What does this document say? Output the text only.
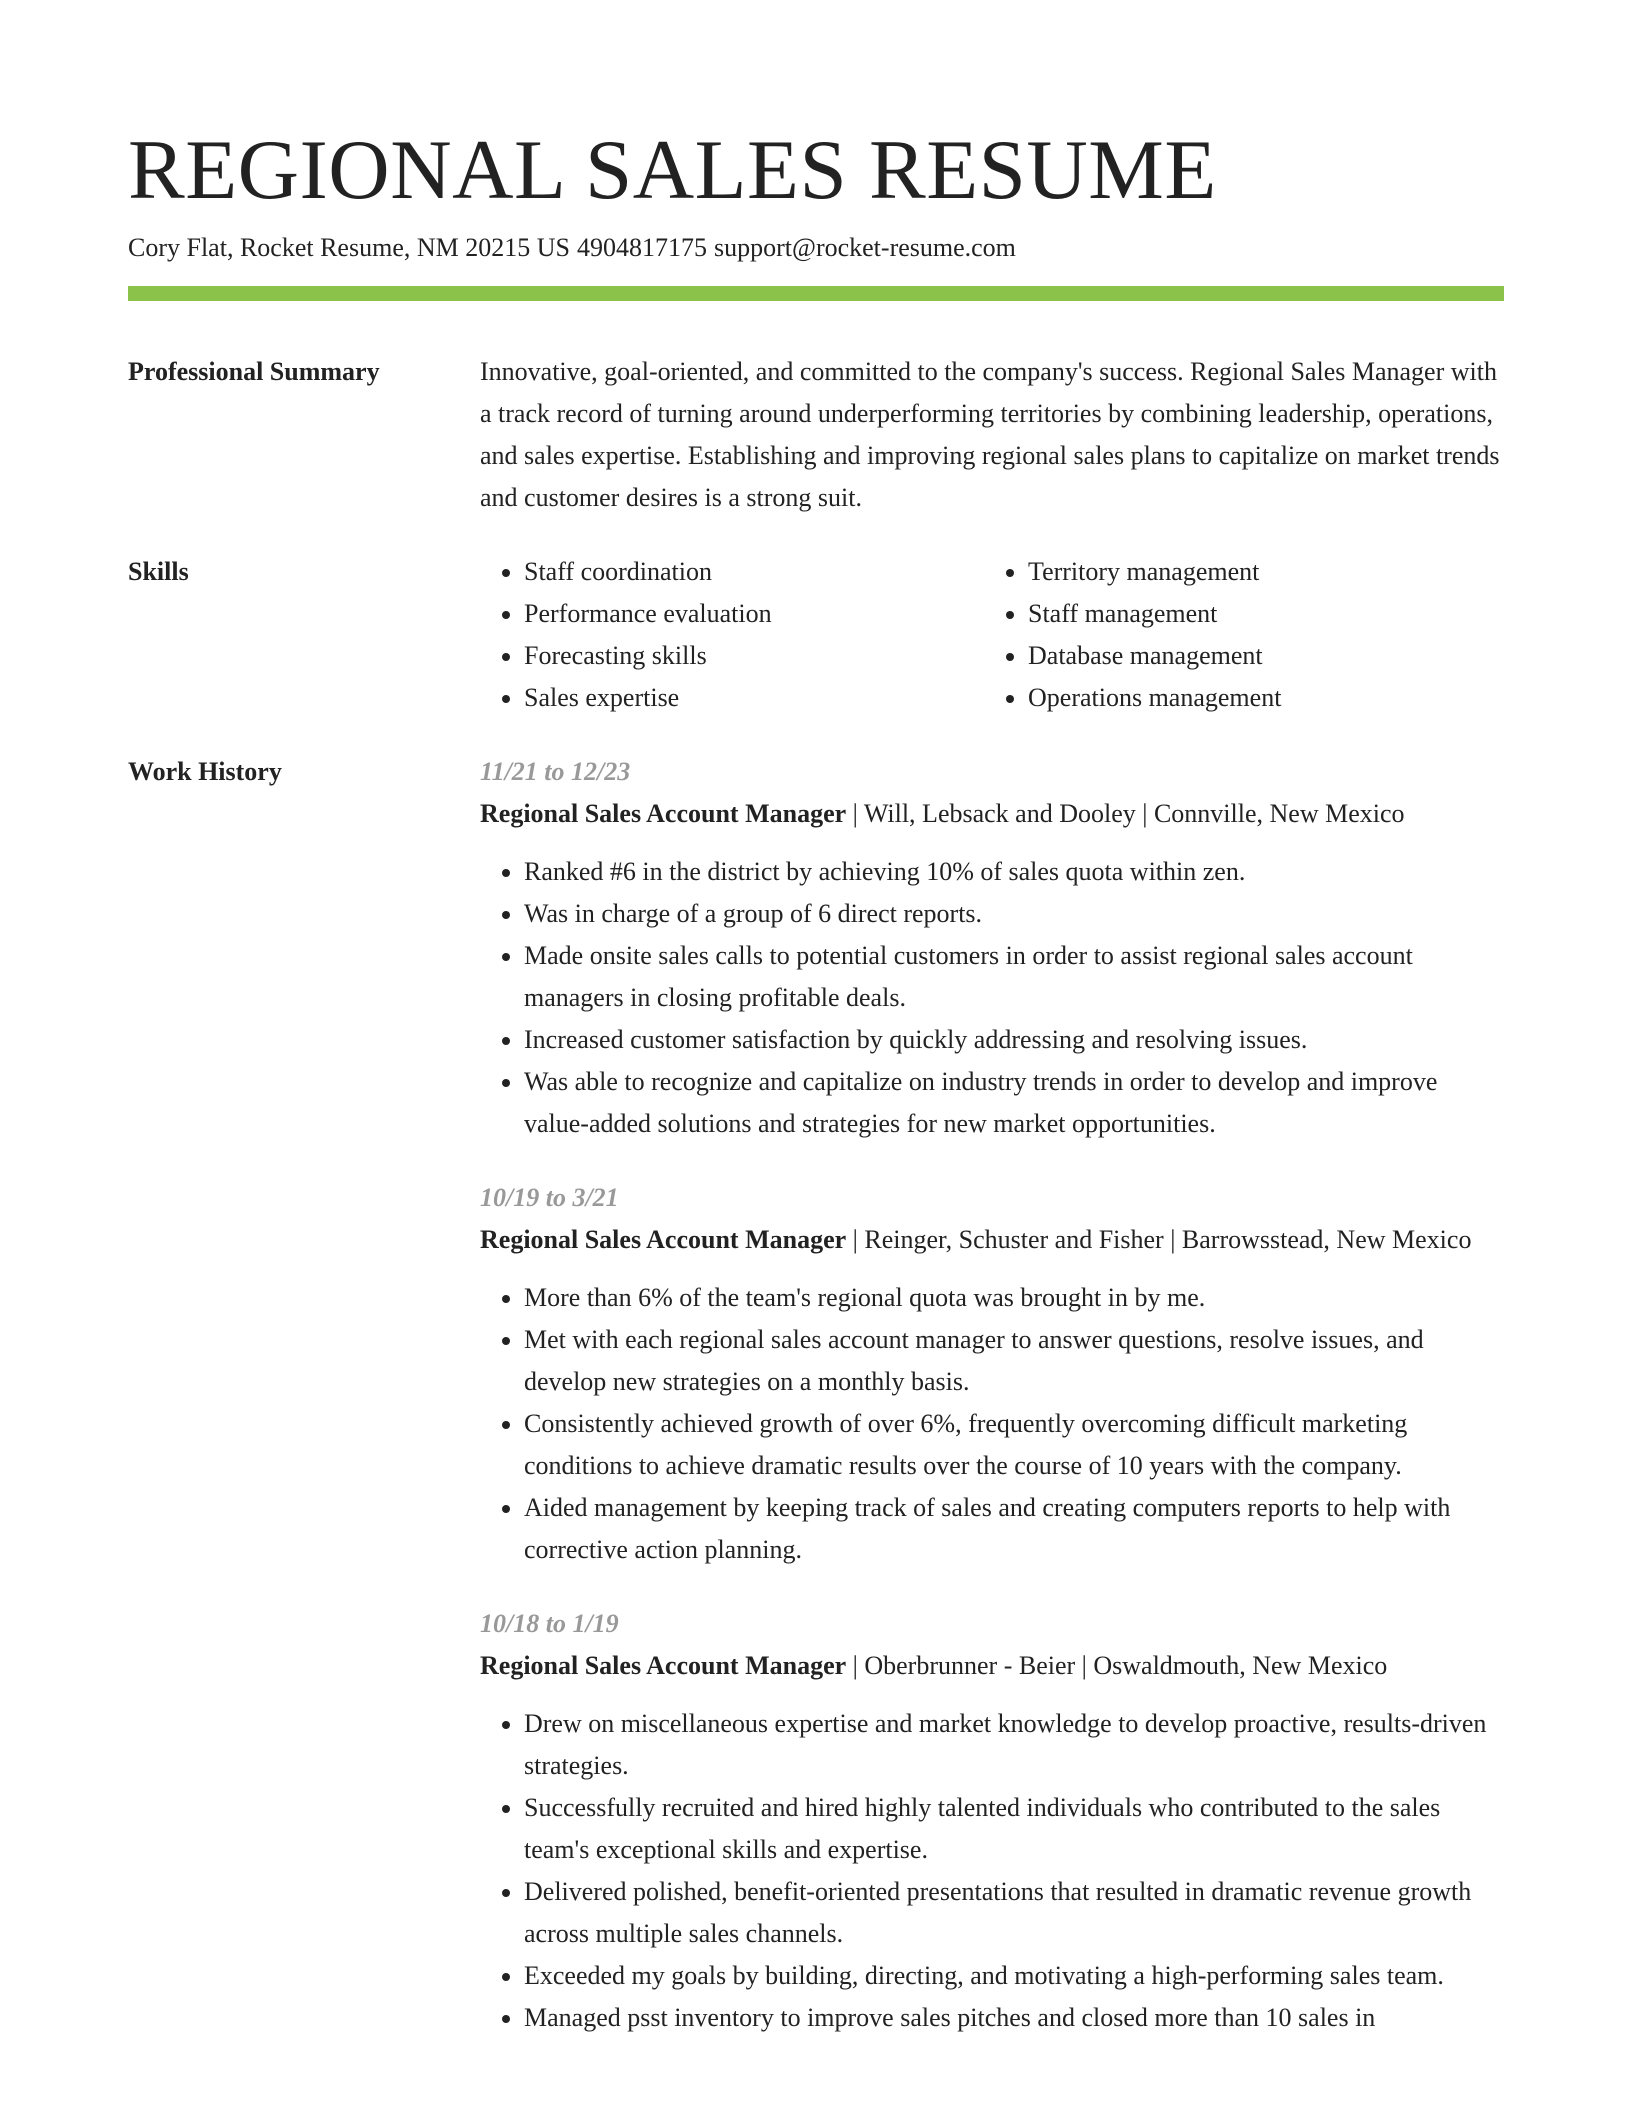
REGIONAL SALES RESUME
Cory Flat, Rocket Resume, NM 20215 US 4904817175 support@rocket-resume.com
Professional Summary	Innovative, goal-oriented, and committed to the company's success. Regional Sales Manager with a track record of turning around underperforming territories by combining leadership, operations, and sales expertise. Establishing and improving regional sales plans to capitalize on market trends and customer desires is a strong suit.

Skills
•	Staff coordination
• Performance evaluation
• Forecasting skills
• Sales expertise
• Territory management
• Staff management
• Database management
• Operations management
Work History	11/21 to 12/23
Regional Sales Account Manager | Will, Lebsack and Dooley | Connville, New Mexico
• Ranked #6 in the district by achieving 10% of sales quota within zen.
• Was in charge of a group of 6 direct reports.
• Made onsite sales calls to potential customers in order to assist regional sales account managers in closing profitable deals.
• Increased customer satisfaction by quickly addressing and resolving issues.
• Was able to recognize and capitalize on industry trends in order to develop and improve value-added solutions and strategies for new market opportunities.
10/19 to 3/21
Regional Sales Account Manager | Reinger, Schuster and Fisher | Barrowsstead, New Mexico
• More than 6% of the team's regional quota was brought in by me.
• Met with each regional sales account manager to answer questions, resolve issues, and develop new strategies on a monthly basis.
• Consistently achieved growth of over 6%, frequently overcoming difficult marketing conditions to achieve dramatic results over the course of 10 years with the company.
• Aided management by keeping track of sales and creating computers reports to help with corrective action planning.
10/18 to 1/19
Regional Sales Account Manager | Oberbrunner - Beier | Oswaldmouth, New Mexico
• Drew on miscellaneous expertise and market knowledge to develop proactive, results-driven strategies.
• Successfully recruited and hired highly talented individuals who contributed to the sales team's exceptional skills and expertise.
• Delivered polished, benefit-oriented presentations that resulted in dramatic revenue growth across multiple sales channels.
• Exceeded my goals by building, directing, and motivating a high-performing sales team.
• Managed psst inventory to improve sales pitches and closed more than 10 sales in
